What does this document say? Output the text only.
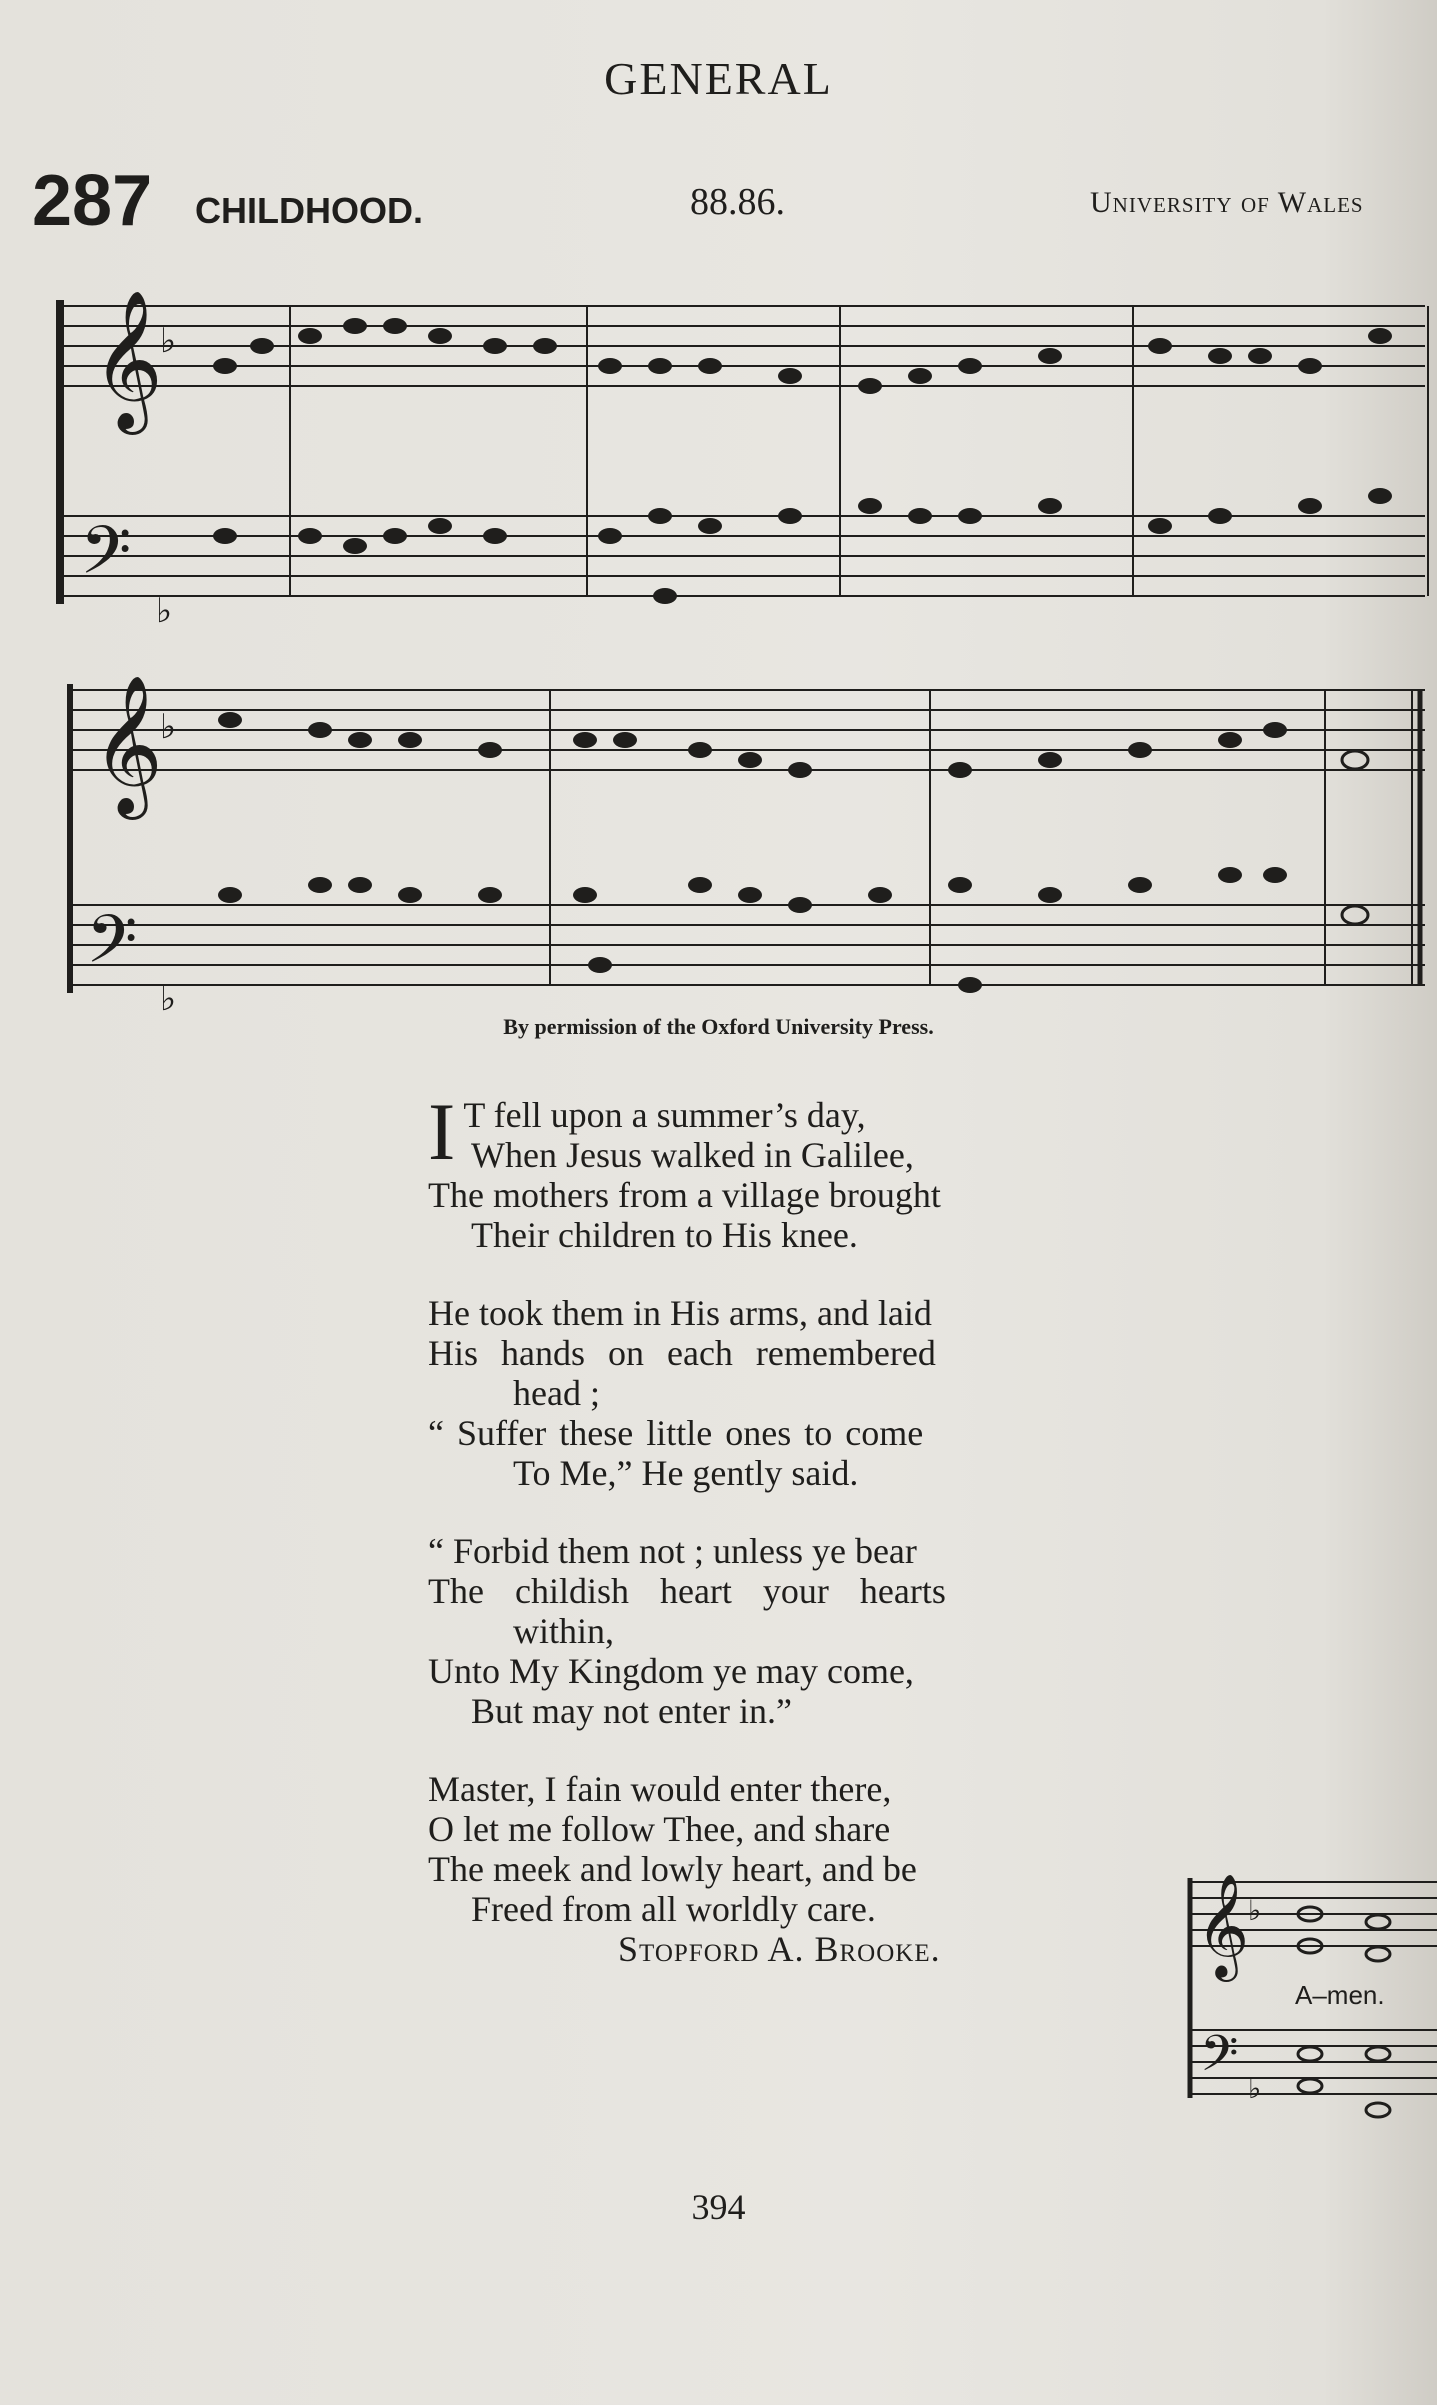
GENERAL
287 CHILDHOOD.	88.86.	University of Wales
𝄞
♭
𝄢
♭
𝄞
♭
𝄢
♭
𝄞
♭
𝄢 ♭
By permission of the Oxford University Press.
I T fell upon a summer’s day,
When Jesus walked in Galilee,
The mothers from a village brought
Their children to His knee.
He took them in His arms, and laid
His hands on each remembered
head ;
“ Suffer these little ones to come
To Me,” He gently said.
“ Forbid them not ; unless ye bear
The childish heart your hearts
within,
Unto My Kingdom ye may come,
But may not enter in.”
Master, I fain would enter there,
O let me follow Thee, and share
The meek and lowly heart, and be
Freed from all worldly care.
Stopford A. Brooke.
A–men.
394
